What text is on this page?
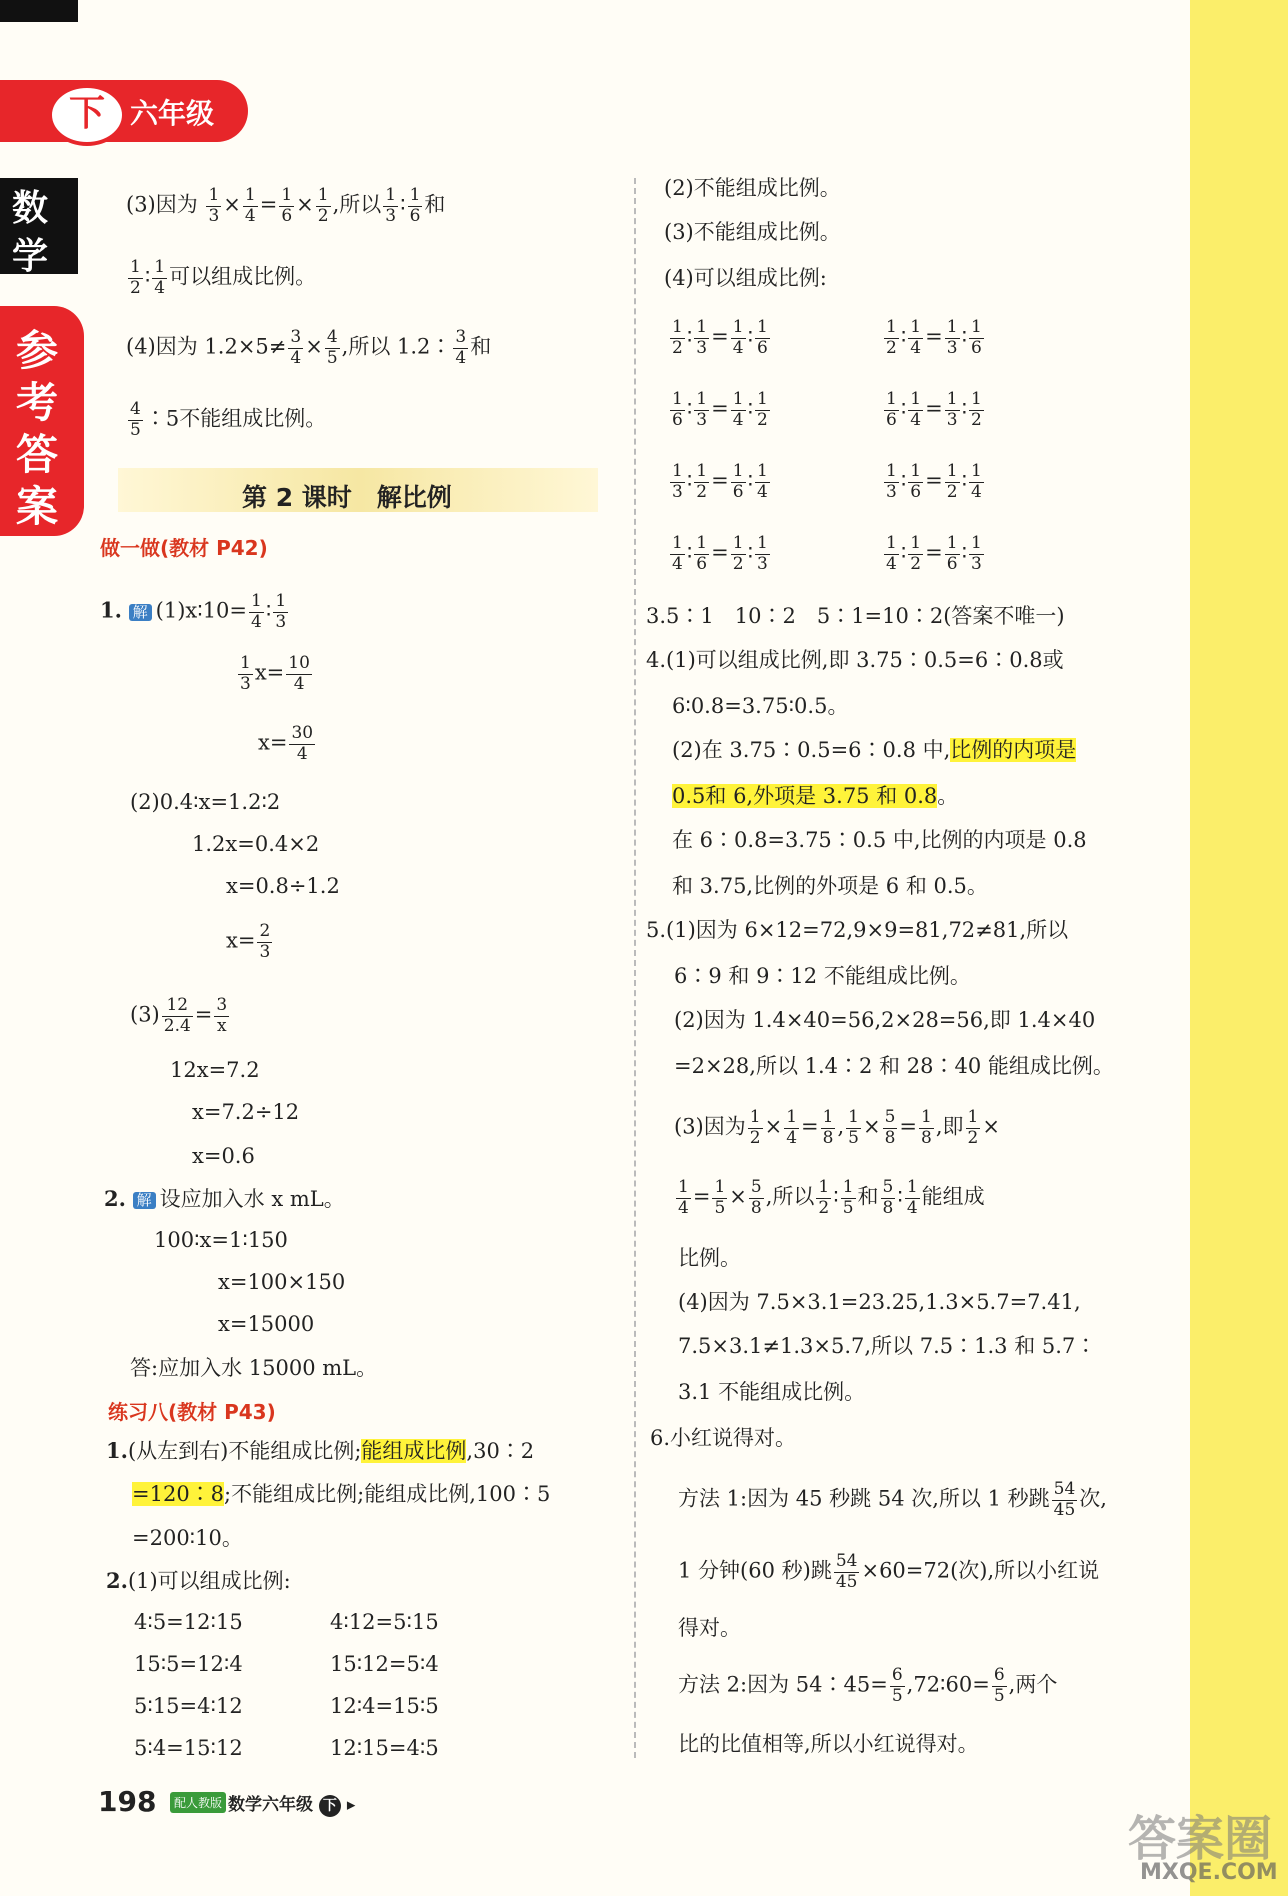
下 六年级
数
学
参
考
答
案
(3)因为 $\frac{1}{3} \times \frac{1}{4} = \frac{1}{6} \times \frac{1}{2}$ ,所以 $\frac{1}{3}$ ∶ $\frac{1}{6}$ 和
$\frac{1}{2}$ ∶ $\frac{1}{4}$ 可以组成比例。
(4)因为 $1.2\times 5\ne \frac{3}{4} \times \frac{4}{5}$ ,所以 1.2∶ $\frac{3}{4}$ 和
$\frac{4}{5}$ ∶5不能组成比例。
第 2 课时　解比例
做一做(教材 P42)
1. 解 (1)x∶10= $\frac{1}{4}$ ∶ $\frac{1}{3}$
$\frac{1}{3} x= \frac{10}{4}$
$x= \frac{30}{4}$
(2)0.4∶x=1.2∶2
1.2x=0.4×2
x=0.8÷1.2
$x= \frac{2}{3}$
$(3) \frac{12}{2.4} = \frac{3}{x}$
12x=7.2
x=7.2÷12
x=0.6
2. 解 设应加入水 x mL。
100∶x=1∶150
x=100×150
x=15000
答:应加入水 15000 mL。
练习八(教材 P43)
1.(从左到右)不能组成比例;能组成比例,30∶2
=120∶8;不能组成比例;能组成比例,100∶5
=200∶10。
2.(1)可以组成比例:
4∶5=12∶15	4∶12=5∶15
15∶5=12∶4	15∶12=5∶4
5∶15=4∶12	12∶4=15∶5
5∶4=15∶12	12∶15=4∶5
(2)不能组成比例。
(3)不能组成比例。
(4)可以组成比例:
$\frac{1}{2}$ ∶ $\frac{1}{3} = \frac{1}{4}$ ∶ $\frac{1}{6}$	$\frac{1}{2}$ ∶ $\frac{1}{4} = \frac{1}{3}$ ∶ $\frac{1}{6}$
$\frac{1}{6}$ ∶ $\frac{1}{3} = \frac{1}{4}$ ∶ $\frac{1}{2}$	$\frac{1}{6}$ ∶ $\frac{1}{4} = \frac{1}{3}$ ∶ $\frac{1}{2}$
$\frac{1}{3}$ ∶ $\frac{1}{2} = \frac{1}{6}$ ∶ $\frac{1}{4}$	$\frac{1}{3}$ ∶ $\frac{1}{6} = \frac{1}{2}$ ∶ $\frac{1}{4}$
$\frac{1}{4}$ ∶ $\frac{1}{6} = \frac{1}{2}$ ∶ $\frac{1}{3}$	$\frac{1}{4}$ ∶ $\frac{1}{2} = \frac{1}{6}$ ∶ $\frac{1}{3}$
3.5∶1　10∶2　5∶1=10∶2(答案不唯一)
4.(1)可以组成比例,即 3.75∶0.5=6∶0.8或
6∶0.8=3.75∶0.5。
(2)在 3.75∶0.5=6∶0.8 中,比例的内项是
0.5和 6,外项是 3.75 和 0.8。
在 6∶0.8=3.75∶0.5 中,比例的内项是 0.8
和 3.75,比例的外项是 6 和 0.5。
5.(1)因为 6×12=72,9×9=81,72≠81,所以
6∶9 和 9∶12 不能组成比例。
(2)因为 1.4×40=56,2×28=56,即 1.4×40
=2×28,所以 1.4∶2 和 28∶40 能组成比例。
(3)因为 $\frac{1}{2} \times \frac{1}{4} = \frac{1}{8}$ , $\frac{1}{5} \times \frac{5}{8} = \frac{1}{8}$ ,即 $\frac{1}{2}$ ×
$\frac{1}{4} = \frac{1}{5} \times \frac{5}{8}$ ,所以 $\frac{1}{2}$ ∶ $\frac{1}{5}$ 和 $\frac{5}{8}$ ∶ $\frac{1}{4}$ 能组成
比例。
(4)因为 7.5×3.1=23.25,1.3×5.7=7.41,
7.5×3.1≠1.3×5.7,所以 7.5∶1.3 和 5.7∶
3.1 不能组成比例。
6.小红说得对。
方法 1:因为 45 秒跳 54 次,所以 1 秒跳 $\frac{54}{45}$ 次,
1 分钟(60 秒)跳 $\frac{54}{45} \times 60=72$(次),所以小红说
得对。
方法 2:因为 54∶45= $\frac{6}{5}$ ,72∶60= $\frac{6}{5}$ ,两个
比的比值相等,所以小红说得对。
198	配人教版 数学六年级 下 ▸
答案圈
MXQE.COM
